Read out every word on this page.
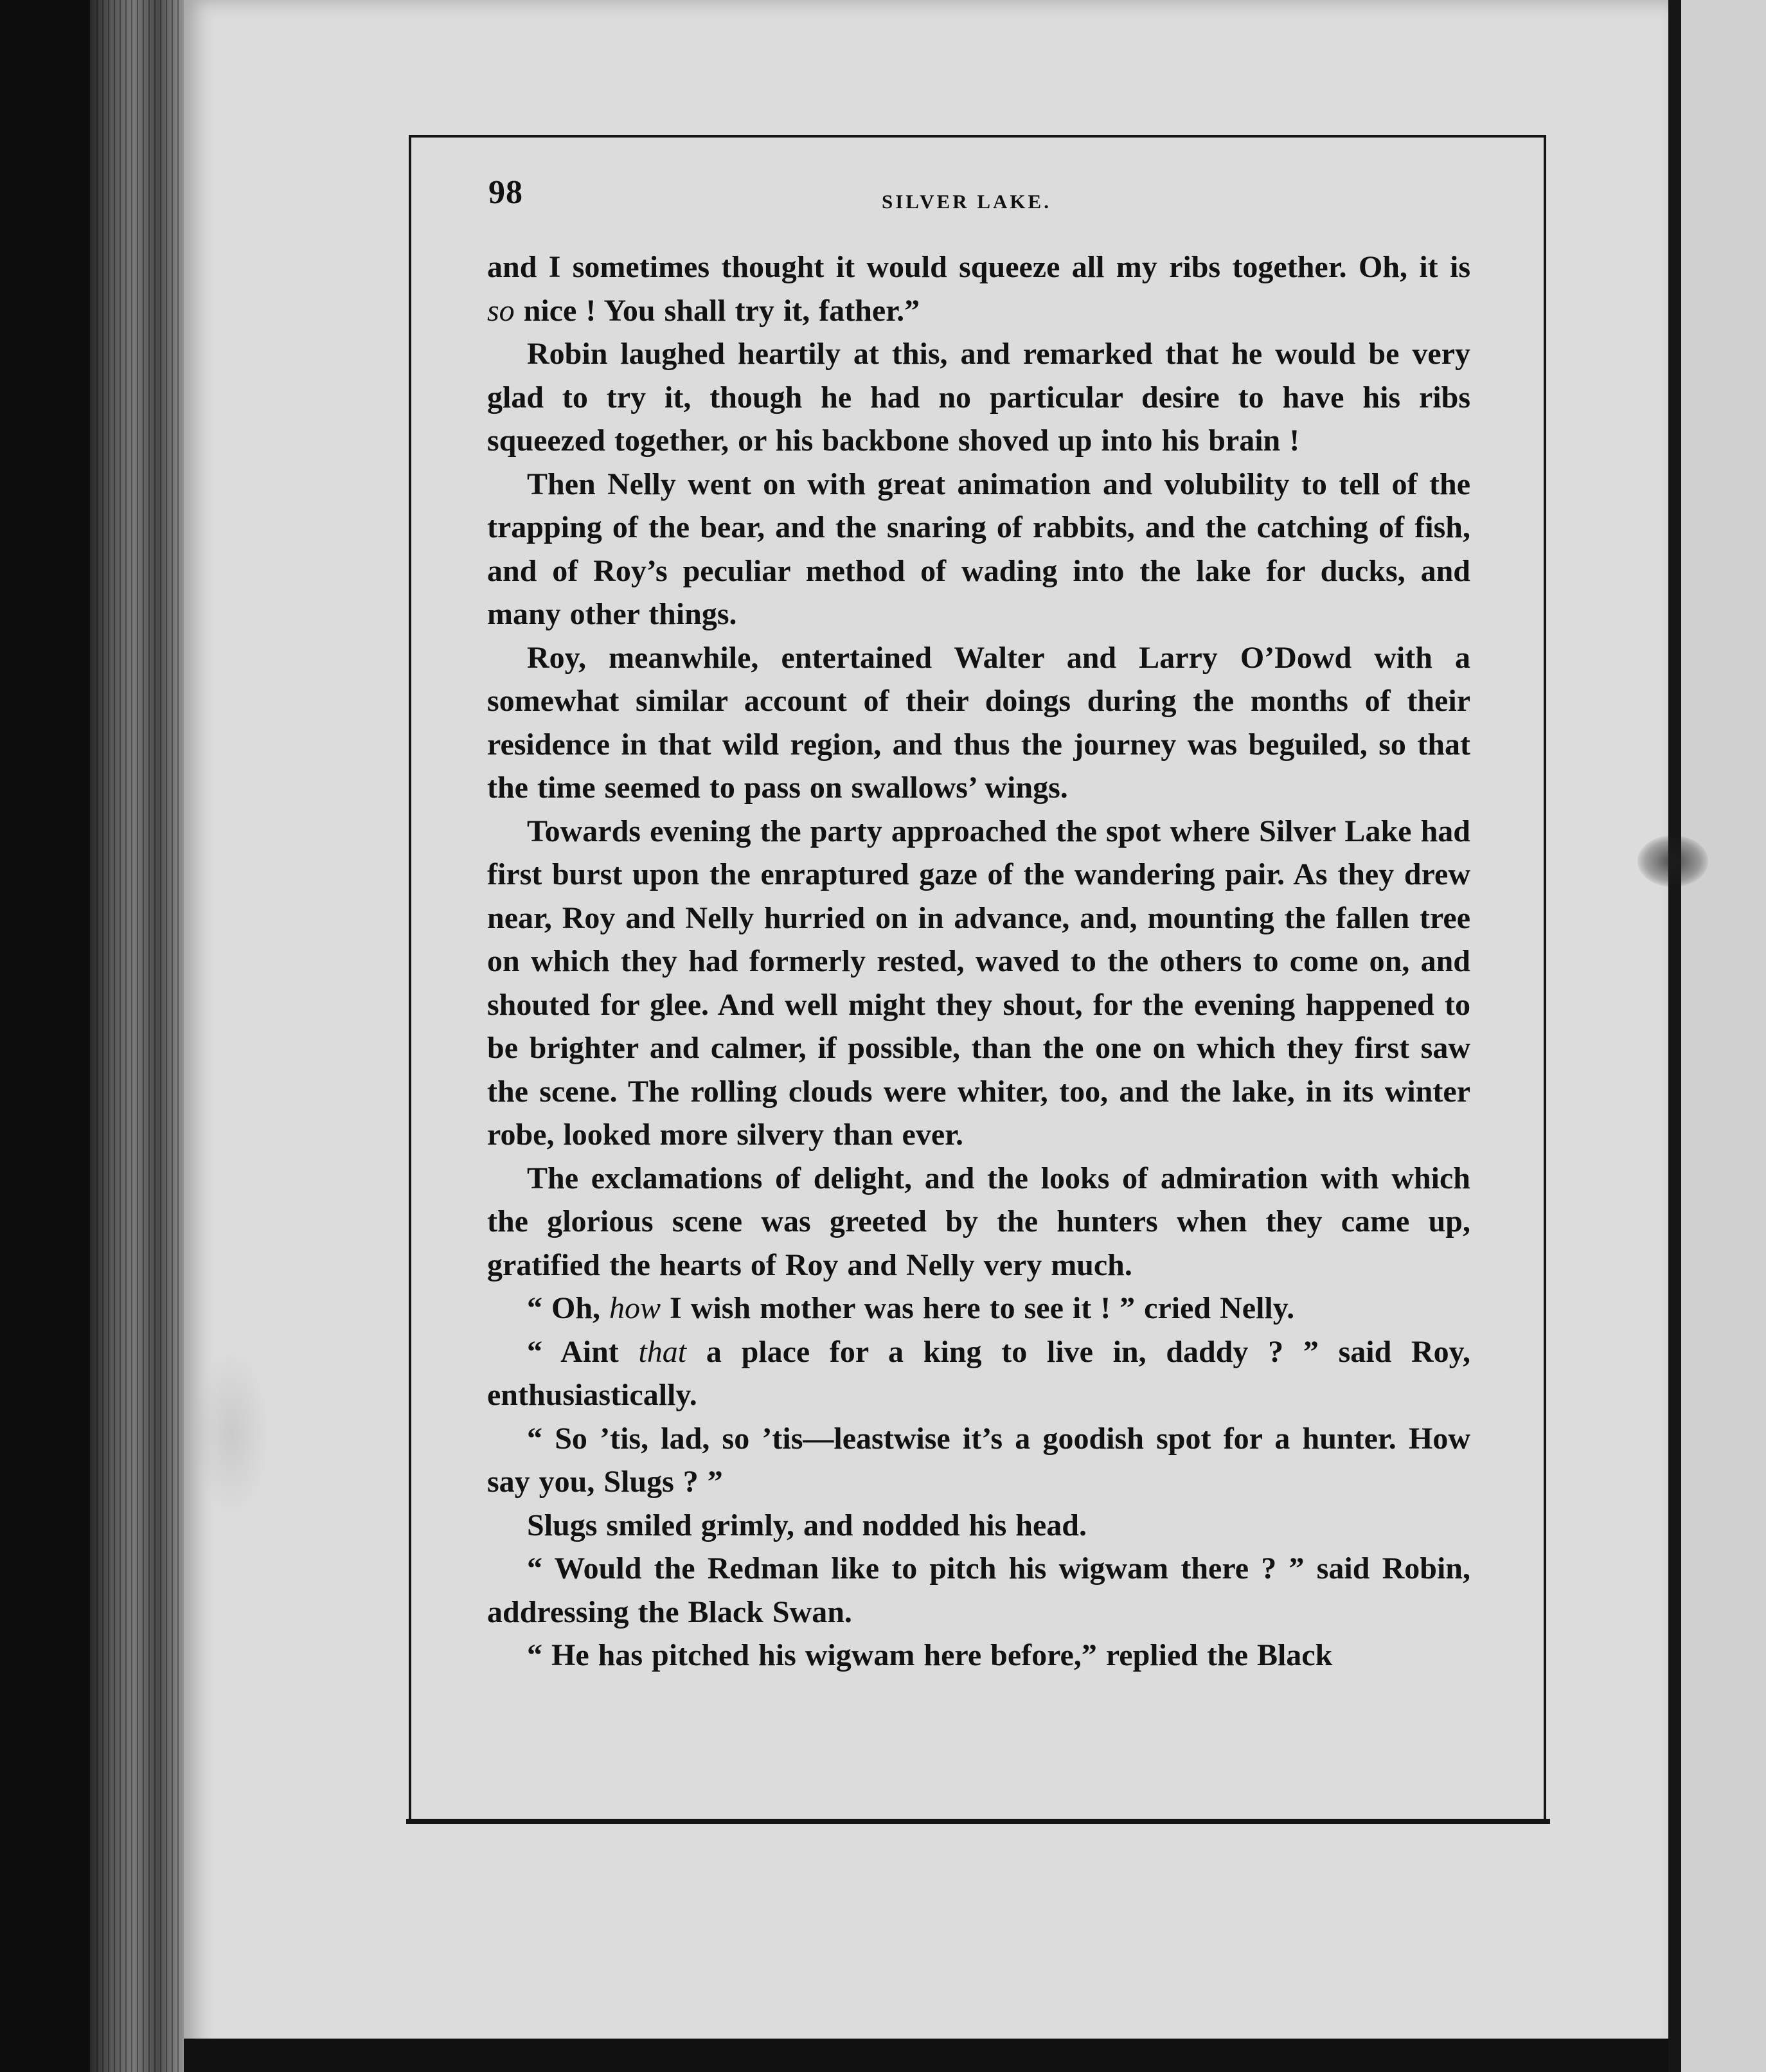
98	SILVER LAKE.

and I sometimes thought it would squeeze all my ribs together. Oh, it is so nice ! You shall try it, father.”

Robin laughed heartily at this, and remarked that he would be very glad to try it, though he had no particular desire to have his ribs squeezed together, or his backbone shoved up into his brain !

Then Nelly went on with great animation and volubility to tell of the trapping of the bear, and the snaring of rabbits, and the catching of fish, and of Roy’s peculiar method of wading into the lake for ducks, and many other things.

Roy, meanwhile, entertained Walter and Larry O’Dowd with a somewhat similar account of their doings during the months of their residence in that wild region, and thus the journey was beguiled, so that the time seemed to pass on swallows’ wings.

Towards evening the party approached the spot where Silver Lake had first burst upon the enraptured gaze of the wandering pair. As they drew near, Roy and Nelly hurried on in advance, and, mounting the fallen tree on which they had formerly rested, waved to the others to come on, and shouted for glee. And well might they shout, for the evening happened to be brighter and calmer, if possible, than the one on which they first saw the scene. The rolling clouds were whiter, too, and the lake, in its winter robe, looked more silvery than ever.

The exclamations of delight, and the looks of admiration with which the glorious scene was greeted by the hunters when they came up, gratified the hearts of Roy and Nelly very much.

“ Oh, how I wish mother was here to see it ! ” cried Nelly.

“ Aint that a place for a king to live in, daddy ? ” said Roy, enthusiastically.

“ So ’tis, lad, so ’tis—leastwise it’s a goodish spot for a hunter. How say you, Slugs ? ”

Slugs smiled grimly, and nodded his head.

“ Would the Redman like to pitch his wigwam there ? ” said Robin, addressing the Black Swan.

“ He has pitched his wigwam here before,” replied the Black
